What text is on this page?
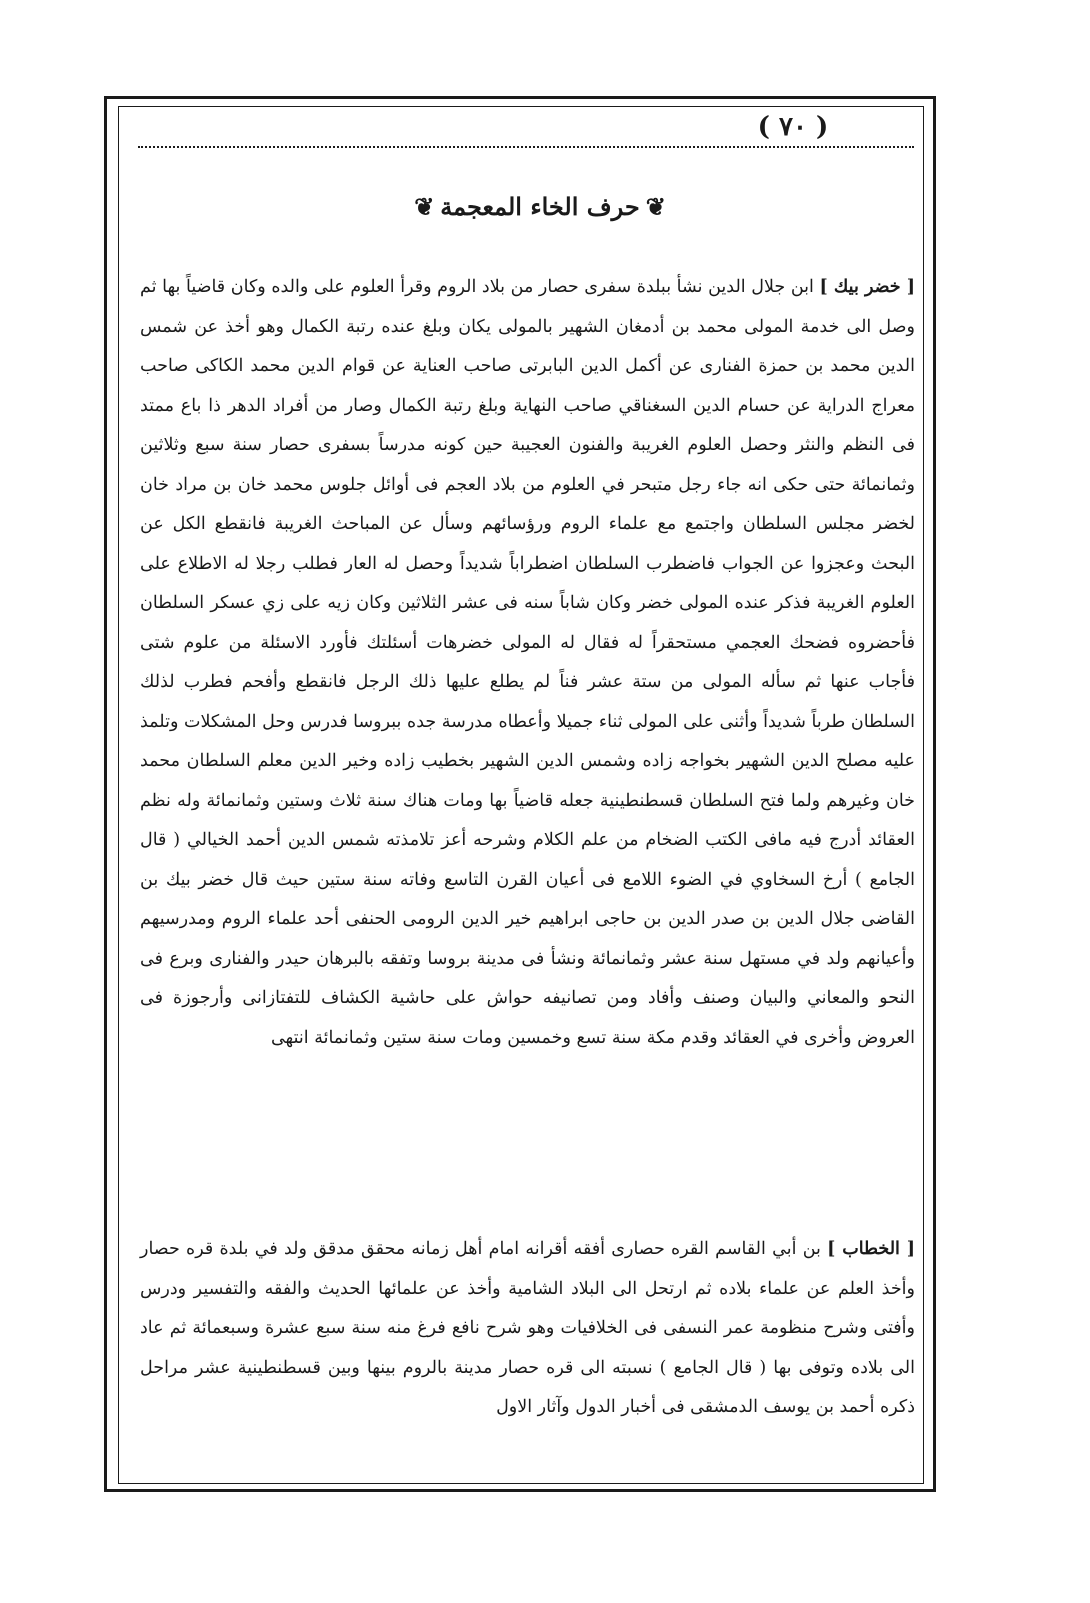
( ٧٠ )
❦حرف الخاء المعجمة❦

[ خضر بيك ] ابن جلال الدين نشأ ببلدة سفرى حصار من بلاد الروم وقرأ العلوم على والده وكان قاضياً بها ثم وصل الى خدمة المولى محمد بن أدمغان الشهير بالمولى يكان وبلغ عنده رتبة الكمال وهو أخذ عن شمس الدين محمد بن حمزة الفنارى عن أكمل الدين البابرتى صاحب العناية عن قوام الدين محمد الكاكى صاحب معراج الدراية عن حسام الدين السغناقي صاحب النهاية وبلغ رتبة الكمال وصار من أفراد الدهر ذا باع ممتد فى النظم والنثر وحصل العلوم الغريبة والفنون العجيبة حين كونه مدرساً بسفرى حصار سنة سبع وثلاثين وثمانمائة حتى حكى انه جاء رجل متبحر في العلوم من بلاد العجم فى أوائل جلوس محمد خان بن مراد خان لخضر مجلس السلطان واجتمع مع علماء الروم ورؤسائهم وسأل عن المباحث الغريبة فانقطع الكل عن البحث وعجزوا عن الجواب فاضطرب السلطان اضطراباً شديداً وحصل له العار فطلب رجلا له الاطلاع على العلوم الغريبة فذكر عنده المولى خضر وكان شاباً سنه فى عشر الثلاثين وكان زيه على زي عسكر السلطان فأحضروه فضحك العجمي مستحقراً له فقال له المولى خضرهات أسئلتك فأورد الاسئلة من علوم شتى فأجاب عنها ثم سأله المولى من ستة عشر فناً لم يطلع عليها ذلك الرجل فانقطع وأفحم فطرب لذلك السلطان طرباً شديداً وأثنى على المولى ثناء جميلا وأعطاه مدرسة جده ببروسا فدرس وحل المشكلات وتلمذ عليه مصلح الدين الشهير بخواجه زاده وشمس الدين الشهير بخطيب زاده وخير الدين معلم السلطان محمد خان وغيرهم ولما فتح السلطان قسطنطينية جعله قاضياً بها ومات هناك سنة ثلاث وستين وثمانمائة وله نظم العقائد أدرج فيه مافى الكتب الضخام من علم الكلام وشرحه أعز تلامذته شمس الدين أحمد الخيالي ( قال الجامع ) أرخ السخاوي في الضوء اللامع فى أعيان القرن التاسع وفاته سنة ستين حيث قال خضر بيك بن القاضى جلال الدين بن صدر الدين بن حاجى ابراهيم خير الدين الرومى الحنفى أحد علماء الروم ومدرسيهم وأعيانهم ولد في مستهل سنة عشر وثمانمائة ونشأ فى مدينة بروسا وتفقه بالبرهان حيدر والفنارى وبرع فى النحو والمعاني والبيان وصنف وأفاد ومن تصانيفه حواش على حاشية الكشاف للتفتازانى وأرجوزة فى العروض وأخرى في العقائد وقدم مكة سنة تسع وخمسين ومات سنة ستين وثمانمائة انتهى

[ الخطاب ] بن أبي القاسم القره حصارى أفقه أقرانه امام أهل زمانه محقق مدقق ولد في بلدة قره حصار وأخذ العلم عن علماء بلاده ثم ارتحل الى البلاد الشامية وأخذ عن علمائها الحديث والفقه والتفسير ودرس وأفتى وشرح منظومة عمر النسفى فى الخلافيات وهو شرح نافع فرغ منه سنة سبع عشرة وسبعمائة ثم عاد الى بلاده وتوفى بها ( قال الجامع ) نسبته الى قره حصار مدينة بالروم بينها وبين قسطنطينية عشر مراحل ذكره أحمد بن يوسف الدمشقى فى أخبار الدول وآثار الاول
